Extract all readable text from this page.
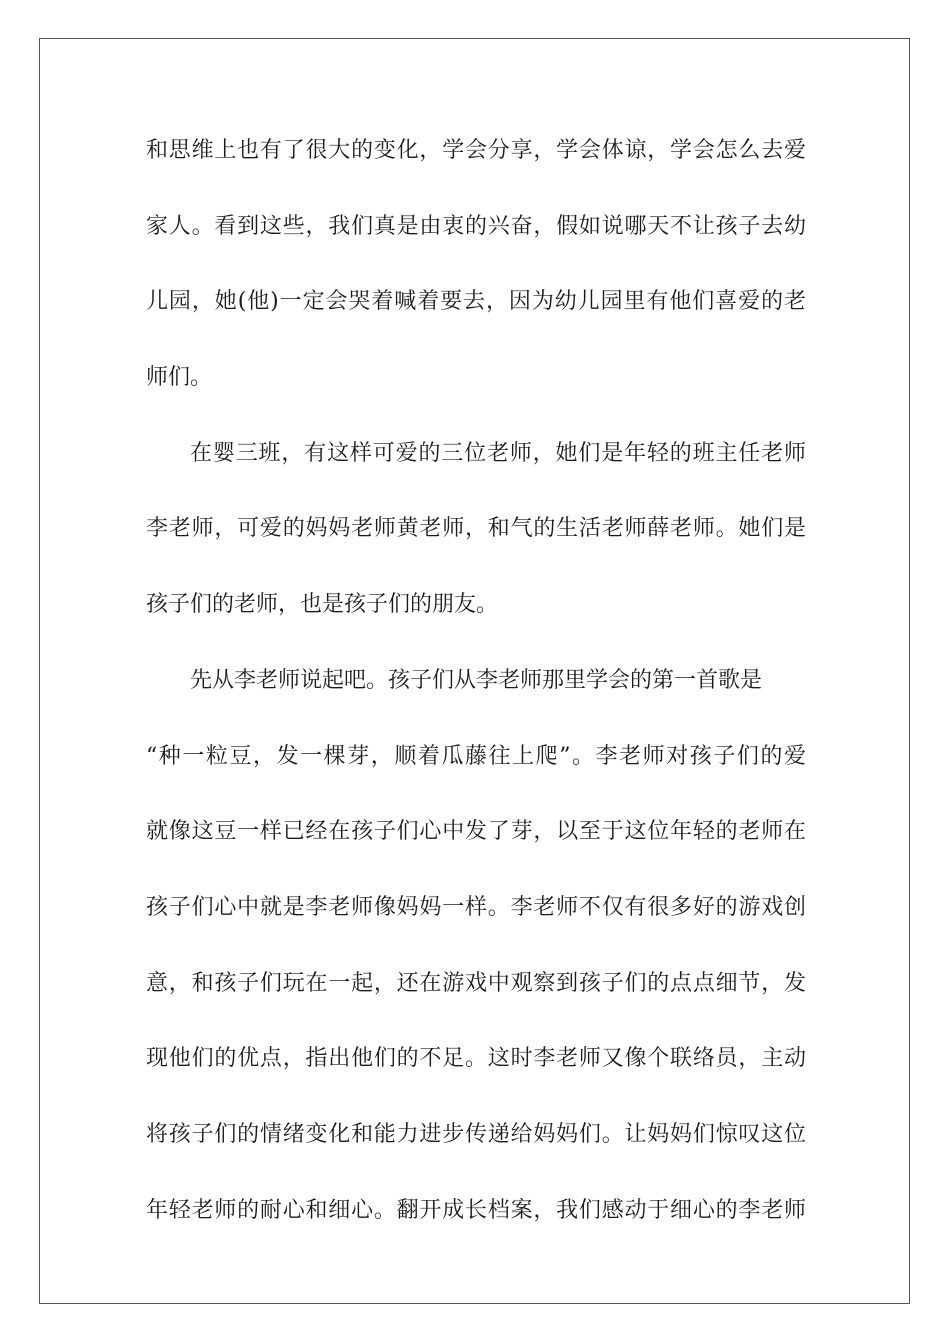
和思维上也有了很大的变化，学会分享，学会体谅，学会怎么去爱
家人。看到这些，我们真是由衷的兴奋，假如说哪天不让孩子去幼
儿园，她(他)一定会哭着喊着要去，因为幼儿园里有他们喜爱的老
师们。
在婴三班，有这样可爱的三位老师，她们是年轻的班主任老师
李老师，可爱的妈妈老师黄老师，和气的生活老师薛老师。她们是
孩子们的老师，也是孩子们的朋友。
先从李老师说起吧。孩子们从李老师那里学会的第一首歌是
“种一粒豆，发一棵芽，顺着瓜藤往上爬”。李老师对孩子们的爱
就像这豆一样已经在孩子们心中发了芽，以至于这位年轻的老师在
孩子们心中就是李老师像妈妈一样。李老师不仅有很多好的游戏创
意，和孩子们玩在一起，还在游戏中观察到孩子们的点点细节，发
现他们的优点，指出他们的不足。这时李老师又像个联络员，主动
将孩子们的情绪变化和能力进步传递给妈妈们。让妈妈们惊叹这位
年轻老师的耐心和细心。翻开成长档案，我们感动于细心的李老师
